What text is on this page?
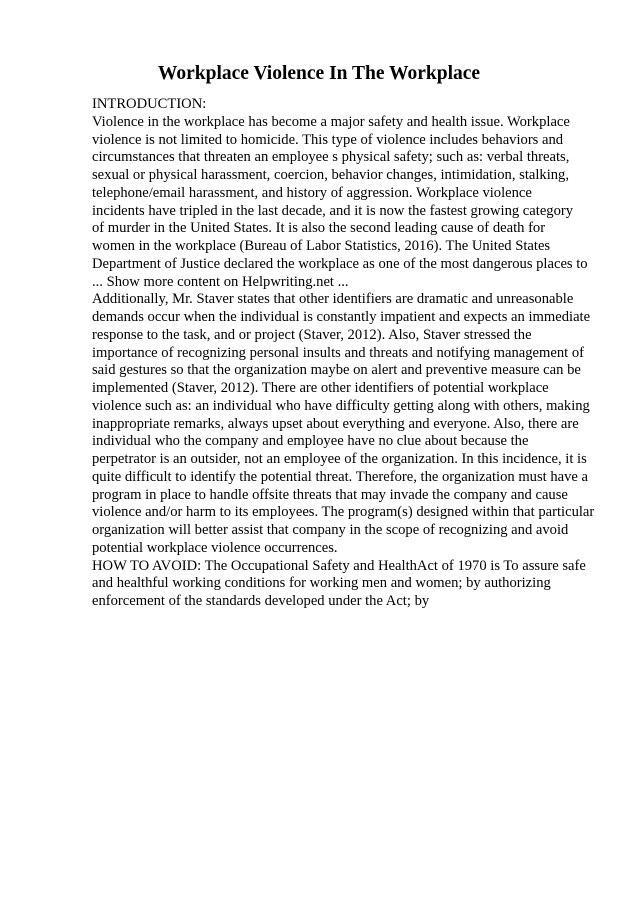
Workplace Violence In The Workplace
INTRODUCTION:
Violence in the workplace has become a major safety and health issue. Workplace
violence is not limited to homicide. This type of violence includes behaviors and
circumstances that threaten an employee s physical safety; such as: verbal threats,
sexual or physical harassment, coercion, behavior changes, intimidation, stalking,
telephone/email harassment, and history of aggression. Workplace violence
incidents have tripled in the last decade, and it is now the fastest growing category
of murder in the United States. It is also the second leading cause of death for
women in the workplace (Bureau of Labor Statistics, 2016). The United States
Department of Justice declared the workplace as one of the most dangerous places to
... Show more content on Helpwriting.net ...
Additionally, Mr. Staver states that other identifiers are dramatic and unreasonable
demands occur when the individual is constantly impatient and expects an immediate
response to the task, and or project (Staver, 2012). Also, Staver stressed the
importance of recognizing personal insults and threats and notifying management of
said gestures so that the organization maybe on alert and preventive measure can be
implemented (Staver, 2012). There are other identifiers of potential workplace
violence such as: an individual who have difficulty getting along with others, making
inappropriate remarks, always upset about everything and everyone. Also, there are
individual who the company and employee have no clue about because the
perpetrator is an outsider, not an employee of the organization. In this incidence, it is
quite difficult to identify the potential threat. Therefore, the organization must have a
program in place to handle offsite threats that may invade the company and cause
violence and/or harm to its employees. The program(s) designed within that particular
organization will better assist that company in the scope of recognizing and avoid
potential workplace violence occurrences.
HOW TO AVOID: The Occupational Safety and HealthAct of 1970 is To assure safe
and healthful working conditions for working men and women; by authorizing
enforcement of the standards developed under the Act; by
